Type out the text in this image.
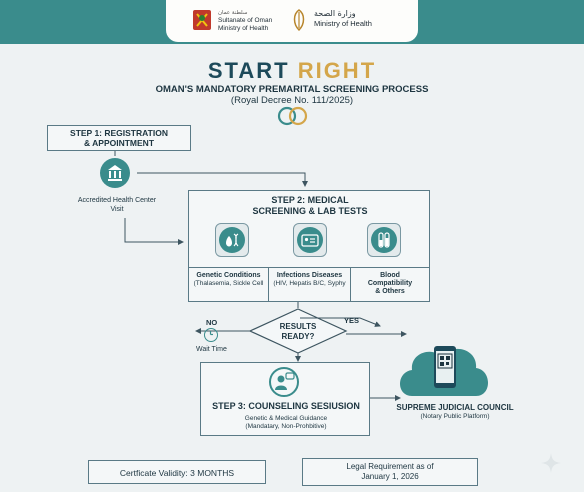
سلطنة عمان
Sultanate of Oman
Ministry of Health
وزارة الصحة
Ministry of Health
START RIGHT
OMAN'S MANDATORY PREMARITAL SCREENING PROCESS
(Royal Decree No. 111/2025)
STEP 1: REGISTRATION
& APPOINTMENT
Accredited Health Center
Visit
STEP 2: MEDICAL
SCREENING & LAB TESTS
Genetic Conditions
(Thalasemia, Sickle Cell
Infections Diseases
(HIV, Hepatis B/C, Syphy
Blood
Compatibility
& Others
NO	YES
Wait Time
RESULTS
READY?
STEP 3: COUNSELING SESIUSION
Genetic & Medical Guidance
(Mandatary, Non-Prohbitive)
SUPREME JUDICIAL COUNCIL
(Notary Public Platform)
Certficate Validity: 3 MONTHS
Legal Requirement as of
January 1, 2026
